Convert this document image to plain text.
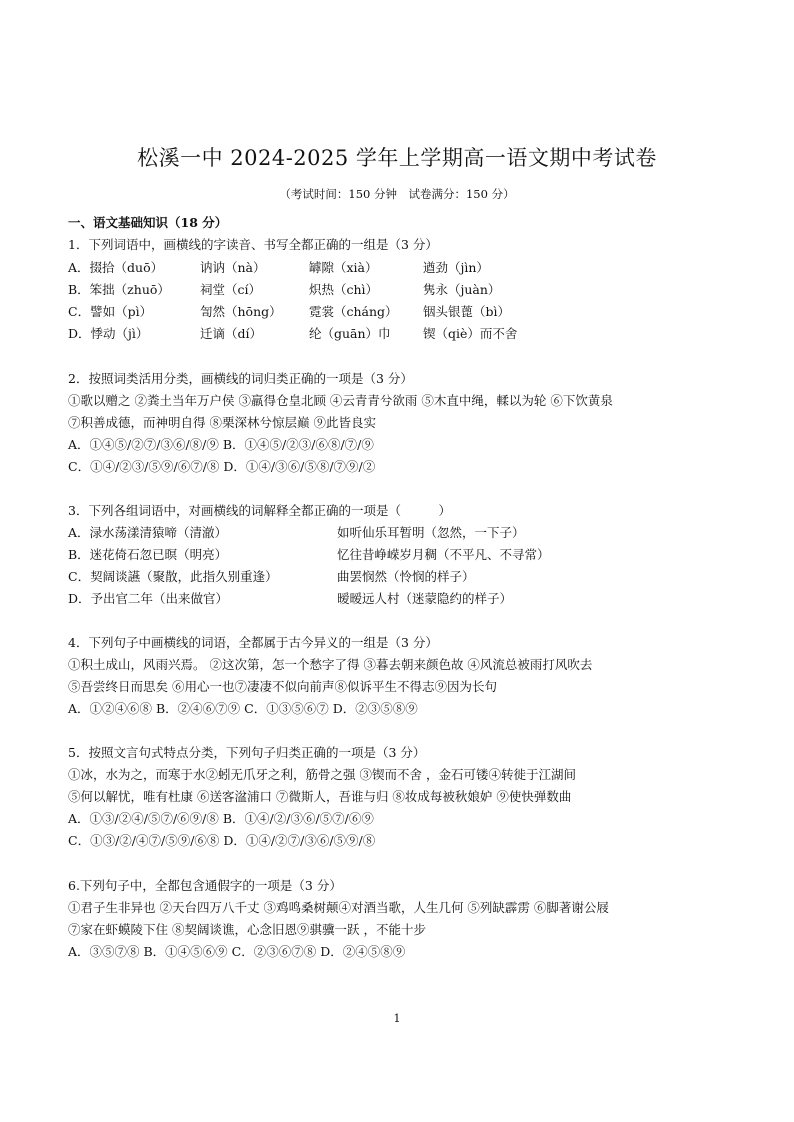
松溪一中 2024-2025 学年上学期高一语文期中考试卷
（考试时间：150 分钟　试卷满分：150 分）
一、语文基础知识（18 分）
1．下列词语中，画横线的字读音、书写全都正确的一组是（3 分）
A．掇拾（duō）	讷讷（nà）	罅隙（xià）	遒劲（jìn）
B．笨拙（zhuō） 祠堂（cí）	炽热（chì）	隽永（juàn）
C．譬如（pì）	訇然（hōng） 霓裳（cháng） 铟头银蓖（bì）
D．悸动（jì）	迁谪（dí）	纶（guān）巾	锲（qiè）而不舍
2．按照词类活用分类，画横线的词归类正确的一项是（3 分）
①歌以赠之 ②粪土当年万户侯 ③羸得仓皇北顾 ④云青青兮欲雨 ⑤木直中绳，輮以为轮 ⑥下饮黄泉
⑦积善成德，而神明自得 ⑧栗深林兮惊层巅 ⑨此皆良实
A．①④⑤/②⑦/③⑥/⑧/⑨ B．①④⑤/②③/⑥⑧/⑦/⑨
C．①④/②③/⑤⑨/⑥⑦/⑧ D．①④/③⑥/⑤⑧/⑦⑨/②
3．下列各组词语中，对画横线的词解释全都正确的一项是（　　　）
A．渌水荡漾清猿啼（清澈）	如听仙乐耳暂明（忽然，一下子）
B．迷花倚石忽已暝（明亮）	忆往昔峥嵘岁月稠（不平凡、不寻常）
C．契阔谈讌（聚散，此指久别重逢）	曲罢悯然（怜悯的样子）
D．予出官二年（出来做官）	暧暧远人村（迷蒙隐约的样子）
4．下列句子中画横线的词语，全都属于古今异义的一组是（3 分）
①积土成山，风雨兴焉。 ②这次第，怎一个愁字了得 ③暮去朝来颜色故 ④风流总被雨打风吹去
⑤吾尝终日而思矣 ⑥用心一也⑦凄凄不似向前声⑧似诉平生不得志⑨因为长句
A．①②④⑥⑧ B．②④⑥⑦⑨ C．①③⑤⑥⑦ D．②③⑤⑧⑨
5．按照文言句式特点分类，下列句子归类正确的一项是（3 分）
①冰，水为之，而寒于水②蚓无爪牙之利，筋骨之强 ③锲而不舍 ，金石可镂④转徙于江湖间
⑤何以解忧，唯有杜康 ⑥送客湓浦口 ⑦微斯人，吾谁与归 ⑧妆成每被秋娘妒 ⑨使快弹数曲
A．①③/②④/⑤⑦/⑥⑨/⑧ B．①④/②/③⑥/⑤⑦/⑥⑨
C．①③/②/④⑦/⑤⑨/⑥⑧ D．①④/②⑦/③⑥/⑤⑨/⑧
6.下列句子中，全都包含通假字的一项是（3 分）
①君子生非异也 ②天台四万八千丈 ③鸡鸣桑树颠④对酒当歌，人生几何 ⑤列缺霹雳 ⑥脚著谢公屐
⑦家在虾蟆陵下住 ⑧契阔谈谯，心念旧恩⑨骐骥一跃 ，不能十步
A．③⑤⑦⑧ B．①④⑤⑥⑨ C．②③⑥⑦⑧ D．②④⑤⑧⑨
1
